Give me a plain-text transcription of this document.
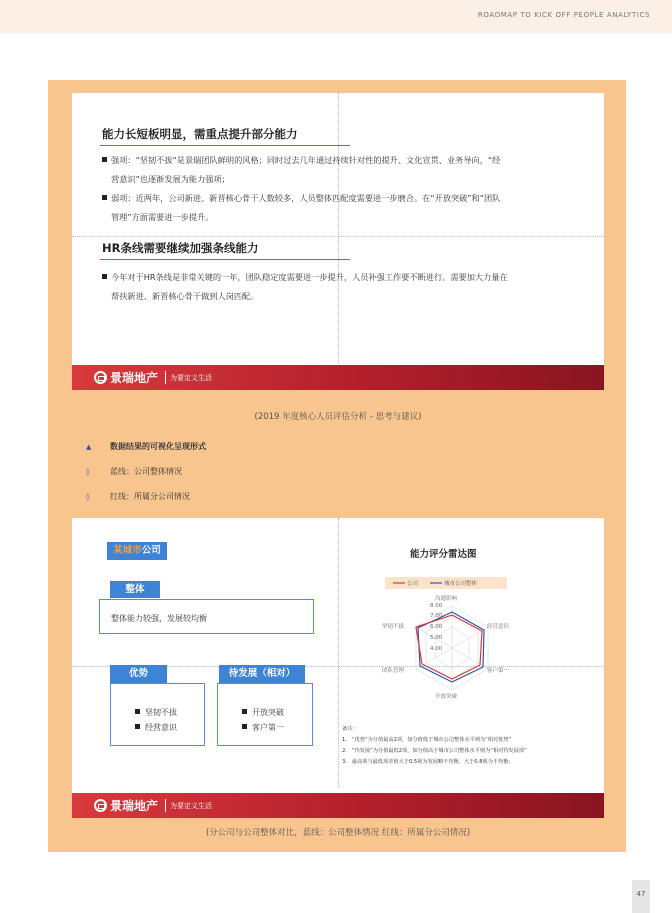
ROADMAP TO KICK OFF PEOPLE ANALYTICS
能力长短板明显，需重点提升部分能力
强项：“坚韧不拔”是景瑞团队鲜明的风格；同时过去几年通过持续针对性的提升、文化宣贯、业务导向，“经
营意识”也逐渐发展为能力强项；
弱项：近两年，公司新进、新晋核心骨干人数较多，人员整体匹配度需要进一步磨合。在“开放突破”和“团队
管理”方面需要进一步提升。
HR条线需要继续加强条线能力
今年对于HR条线是非常关键的一年，团队稳定度需要进一步提升，人员补强工作要不断进行。需要加大力量在
帮扶新进、新晋核心骨干做到人岗匹配。
景瑞地产 为要定义生活
(2019 年度核心人员评估分析 - 思考与建议)
▲ 数据结果的可视化呈现形式
◊	蓝线：公司整体情况
◊	红线：所属分公司情况
某城市公司
整体
整体能力较强，发展较均衡
优势
坚韧不拔
经营意识
待发展（相对）
开放突破
客户第一
能力评分雷达图
公司	城市公司整体
沟通影响
经营意识
客户第一
开放突破
团队管理
坚韧不拔
8.00
7.00
6.00
5.00
4.00
备注：
1. “优势”为分值最高2项，如分值低于城市公司整体水平则为“相对优势”
2. “待发展”为分值最低2项，如分值高于城市公司整体水平则为“相对待发展项”
3. 最高项与最低项差值大于0.5视为发展略不均衡，大于0.8视为不均衡；
景瑞地产 为要定义生活
(分公司与公司整体对比，蓝线：公司整体情况 红线：所属分公司情况)
47
